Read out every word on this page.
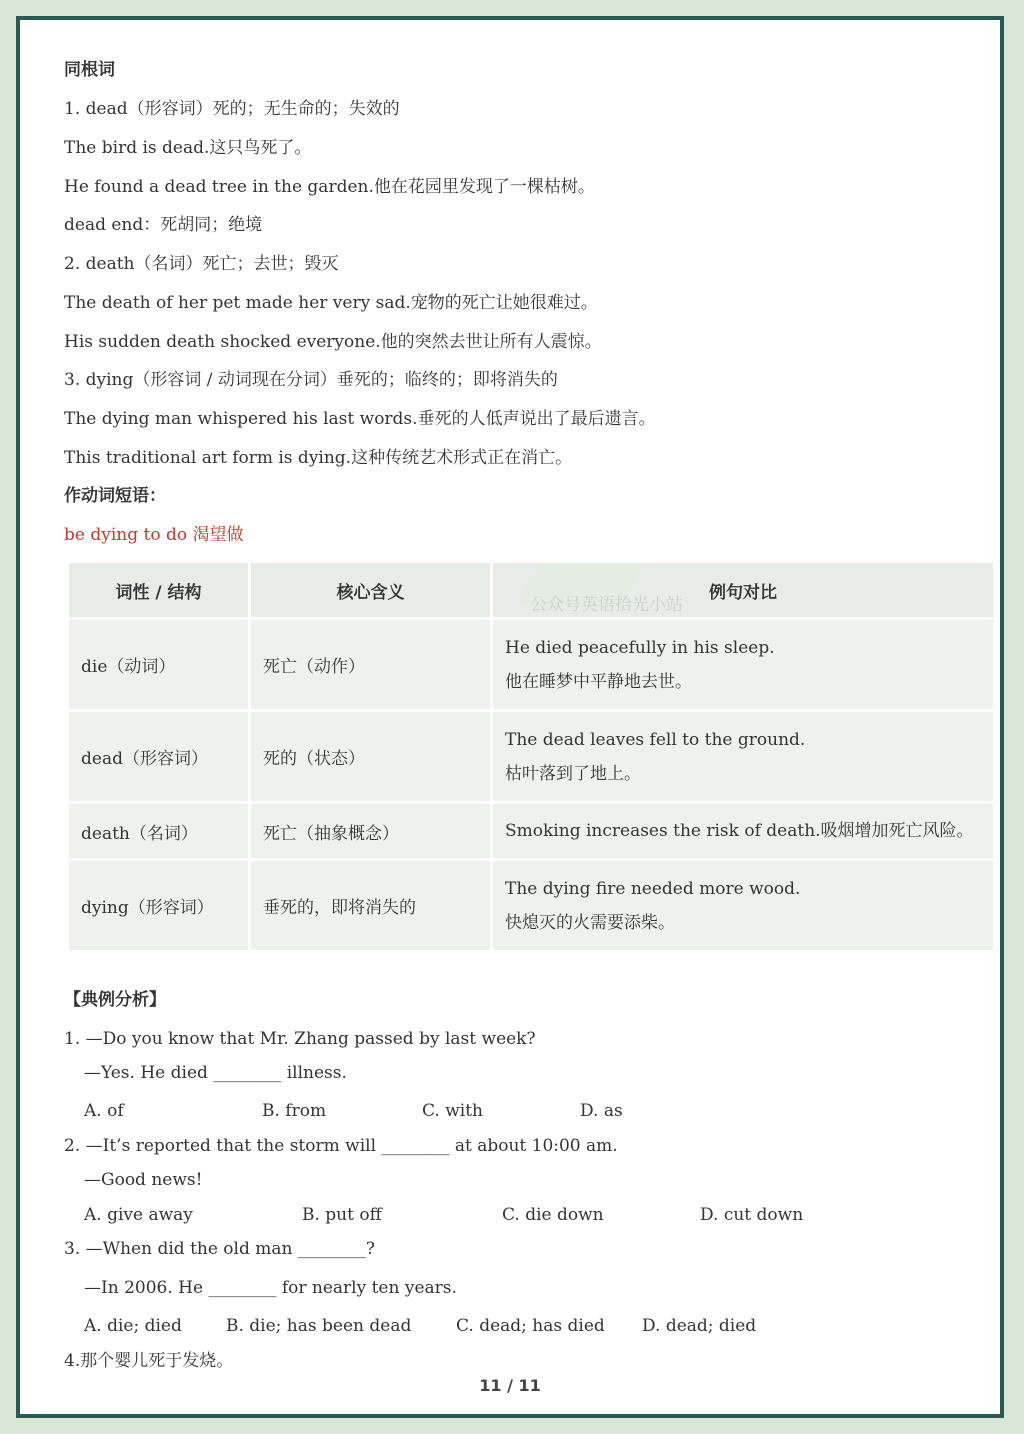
同根词
1. dead（形容词）死的；无生命的；失效的
The bird is dead.这只鸟死了。
He found a dead tree in the garden.他在花园里发现了一棵枯树。
dead end：死胡同；绝境
2. death（名词）死亡；去世；毁灭
The death of her pet made her very sad.宠物的死亡让她很难过。
His sudden death shocked everyone.他的突然去世让所有人震惊。
3. dying（形容词 / 动词现在分词）垂死的；临终的；即将消失的
The dying man whispered his last words.垂死的人低声说出了最后遗言。
This traditional art form is dying.这种传统艺术形式正在消亡。
作动词短语：
be dying to do 渴望做
词性 / 结构	核心含义	例句对比
die（动词）	死亡（动作）	He died peacefully in his sleep.
他在睡梦中平静地去世。

dead（形容词）	死的（状态）	The dead leaves fell to the ground.
枯叶落到了地上。

death（名词）	死亡（抽象概念）	Smoking increases the risk of death.吸烟增加死亡风险。

dying（形容词）	垂死的，即将消失的	The dying fire needed more wood.
快熄灭的火需要添柴。
公众号英语拾光小站
【典例分析】
1. —Do you know that Mr. Zhang passed by last week?
—Yes. He died ________ illness.
A. of	B. from	C. with	D. as
2. —It’s reported that the storm will ________ at about 10:00 am.
—Good news!
A. give away	B. put off	C. die down	D. cut down
3. —When did the old man ________?
—In 2006. He ________ for nearly ten years.
A. die; died	B. die; has been dead	C. dead; has died D. dead; died
4.那个婴儿死于发烧。
11 / 11
